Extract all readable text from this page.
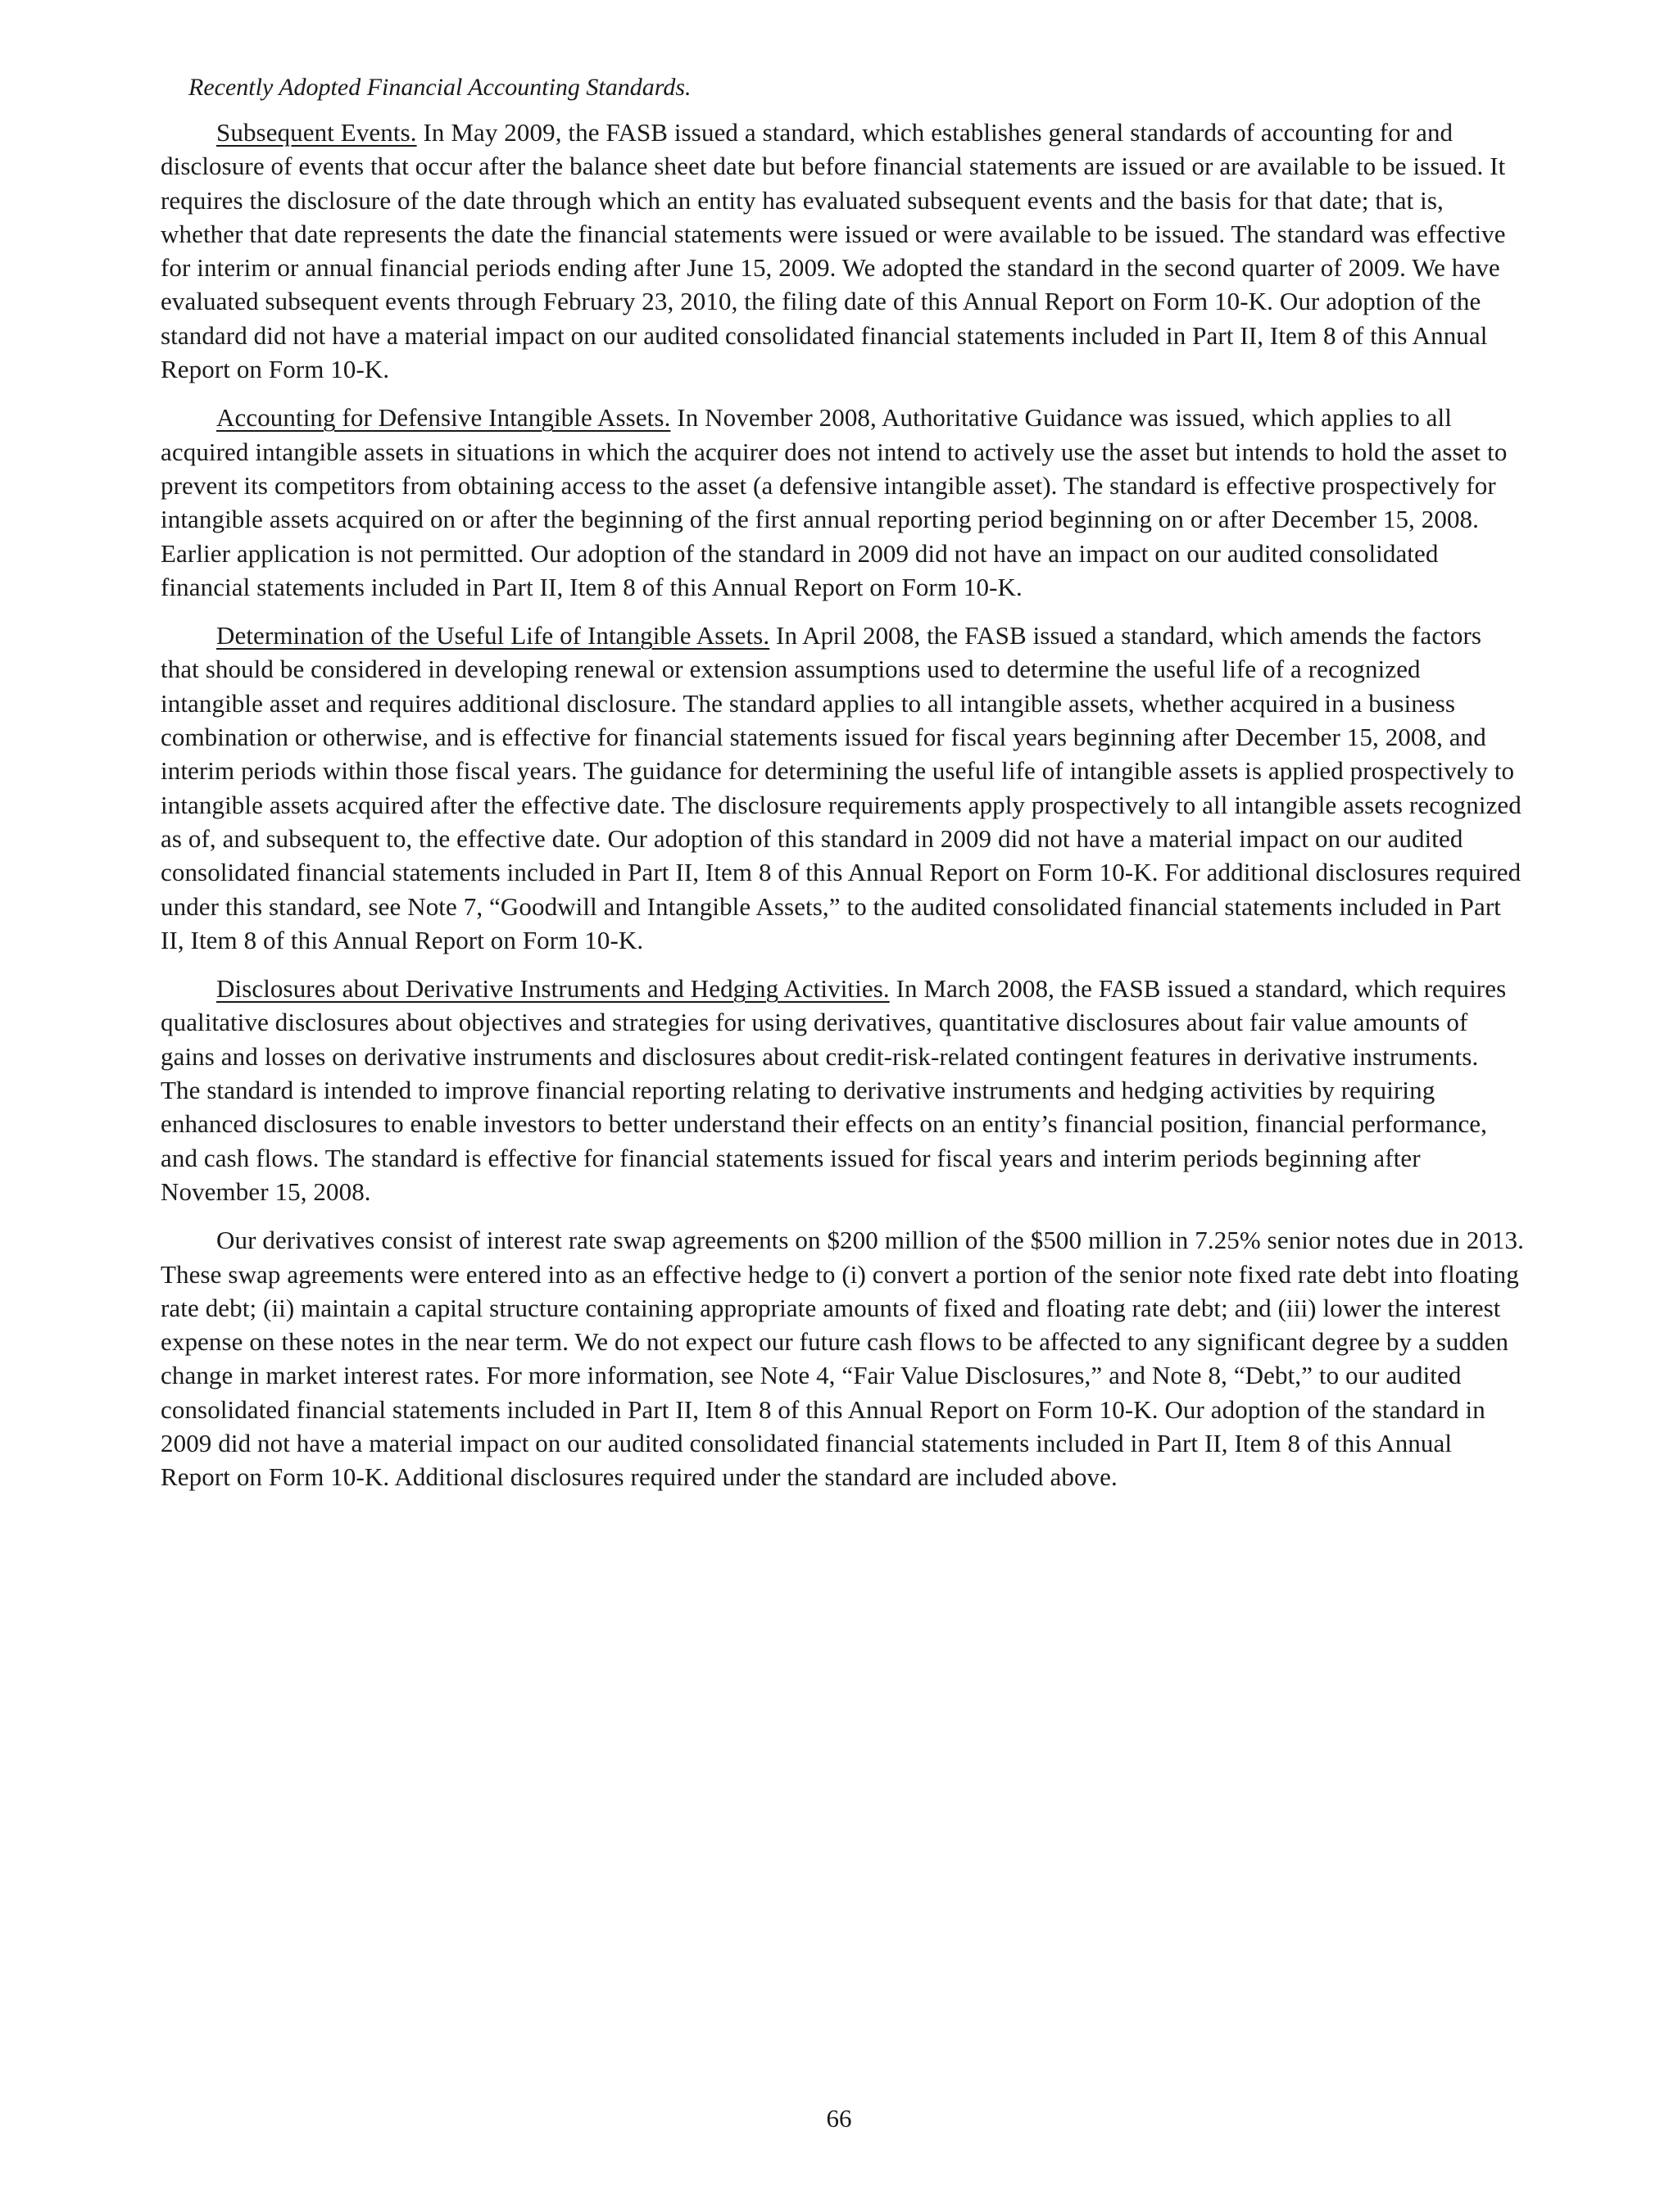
Recently Adopted Financial Accounting Standards.

Subsequent Events. In May 2009, the FASB issued a standard, which establishes general standards of accounting for and disclosure of events that occur after the balance sheet date but before financial statements are issued or are available to be issued. It requires the disclosure of the date through which an entity has evaluated subsequent events and the basis for that date; that is, whether that date represents the date the financial statements were issued or were available to be issued. The standard was effective for interim or annual financial periods ending after June 15, 2009. We adopted the standard in the second quarter of 2009. We have evaluated subsequent events through February 23, 2010, the filing date of this Annual Report on Form 10-K. Our adoption of the standard did not have a material impact on our audited consolidated financial statements included in Part II, Item 8 of this Annual Report on Form 10-K.

Accounting for Defensive Intangible Assets. In November 2008, Authoritative Guidance was issued, which applies to all acquired intangible assets in situations in which the acquirer does not intend to actively use the asset but intends to hold the asset to prevent its competitors from obtaining access to the asset (a defensive intangible asset). The standard is effective prospectively for intangible assets acquired on or after the beginning of the first annual reporting period beginning on or after December 15, 2008. Earlier application is not permitted. Our adoption of the standard in 2009 did not have an impact on our audited consolidated financial statements included in Part II, Item 8 of this Annual Report on Form 10-K.

Determination of the Useful Life of Intangible Assets. In April 2008, the FASB issued a standard, which amends the factors that should be considered in developing renewal or extension assumptions used to determine the useful life of a recognized intangible asset and requires additional disclosure. The standard applies to all intangible assets, whether acquired in a business combination or otherwise, and is effective for financial statements issued for fiscal years beginning after December 15, 2008, and interim periods within those fiscal years. The guidance for determining the useful life of intangible assets is applied prospectively to intangible assets acquired after the effective date. The disclosure requirements apply prospectively to all intangible assets recognized as of, and subsequent to, the effective date. Our adoption of this standard in 2009 did not have a material impact on our audited consolidated financial statements included in Part II, Item 8 of this Annual Report on Form 10-K. For additional disclosures required under this standard, see Note 7, “Goodwill and Intangible Assets,” to the audited consolidated financial statements included in Part II, Item 8 of this Annual Report on Form 10-K.

Disclosures about Derivative Instruments and Hedging Activities. In March 2008, the FASB issued a standard, which requires qualitative disclosures about objectives and strategies for using derivatives, quantitative disclosures about fair value amounts of gains and losses on derivative instruments and disclosures about credit-risk-related contingent features in derivative instruments. The standard is intended to improve financial reporting relating to derivative instruments and hedging activities by requiring enhanced disclosures to enable investors to better understand their effects on an entity’s financial position, financial performance, and cash flows. The standard is effective for financial statements issued for fiscal years and interim periods beginning after November 15, 2008.

Our derivatives consist of interest rate swap agreements on $200 million of the $500 million in 7.25% senior notes due in 2013. These swap agreements were entered into as an effective hedge to (i) convert a portion of the senior note fixed rate debt into floating rate debt; (ii) maintain a capital structure containing appropriate amounts of fixed and floating rate debt; and (iii) lower the interest expense on these notes in the near term. We do not expect our future cash flows to be affected to any significant degree by a sudden change in market interest rates. For more information, see Note 4, “Fair Value Disclosures,” and Note 8, “Debt,” to our audited consolidated financial statements included in Part II, Item 8 of this Annual Report on Form 10-K. Our adoption of the standard in 2009 did not have a material impact on our audited consolidated financial statements included in Part II, Item 8 of this Annual Report on Form 10-K. Additional disclosures required under the standard are included above.

66
